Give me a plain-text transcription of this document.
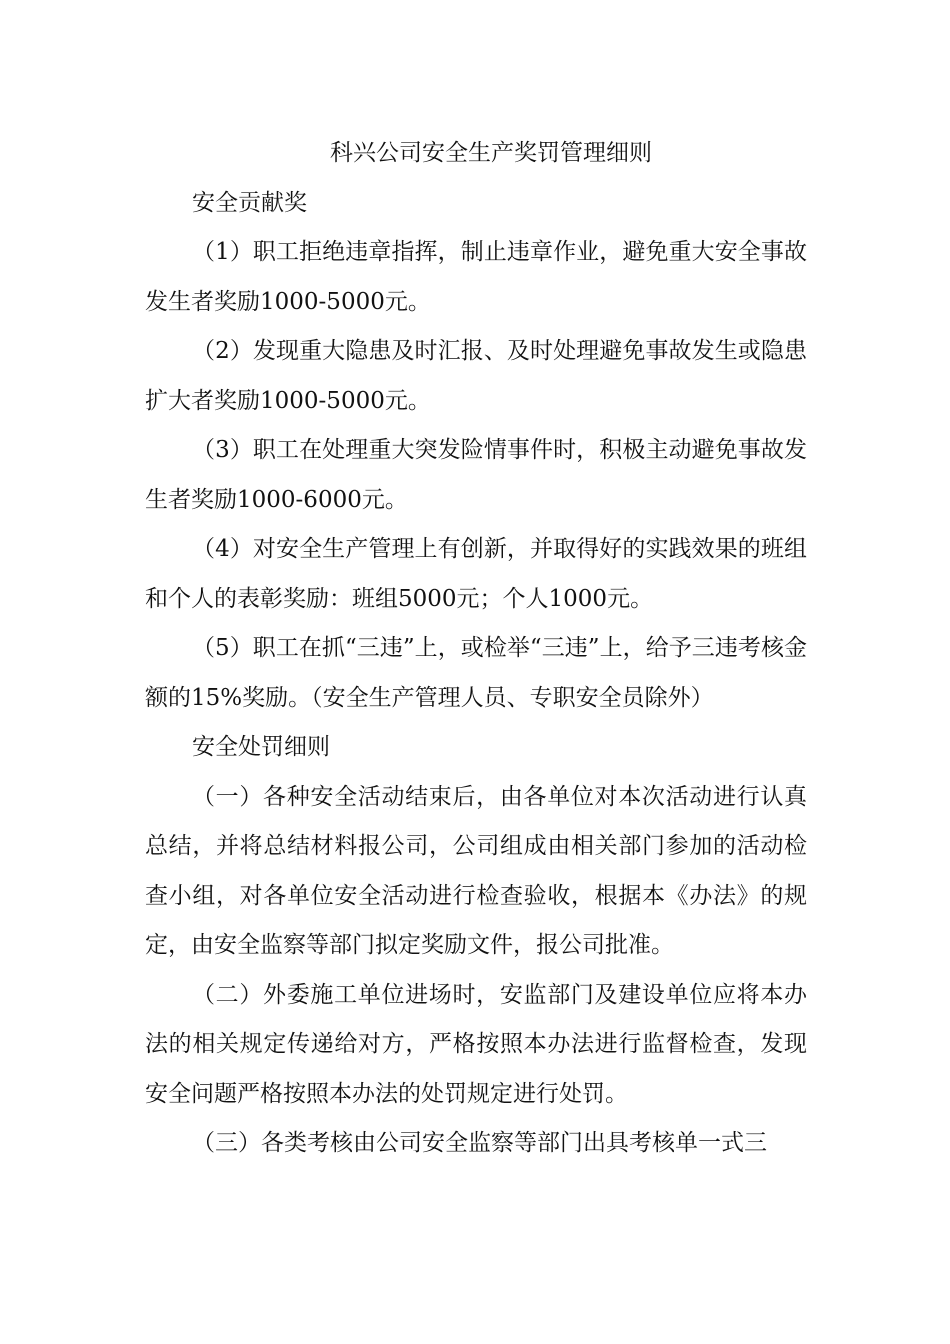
科兴公司安全生产奖罚管理细则

安全贡献奖

（1）职工拒绝违章指挥，制止违章作业，避免重大安全事故发生者奖励1000-5000元。

（2）发现重大隐患及时汇报、及时处理避免事故发生或隐患扩大者奖励1000-5000元。

（3）职工在处理重大突发险情事件时，积极主动避免事故发生者奖励1000-6000元。

（4）对安全生产管理上有创新，并取得好的实践效果的班组和个人的表彰奖励：班组5000元；个人1000元。

（5）职工在抓“三违”上，或检举“三违”上，给予三违考核金额的15%奖励。（安全生产管理人员、专职安全员除外）

安全处罚细则

（一）各种安全活动结束后，由各单位对本次活动进行认真总结，并将总结材料报公司，公司组成由相关部门参加的活动检查小组，对各单位安全活动进行检查验收，根据本《办法》的规定，由安全监察等部门拟定奖励文件，报公司批准。

（二）外委施工单位进场时，安监部门及建设单位应将本办法的相关规定传递给对方，严格按照本办法进行监督检查，发现安全问题严格按照本办法的处罚规定进行处罚。

（三）各类考核由公司安全监察等部门出具考核单一式三
